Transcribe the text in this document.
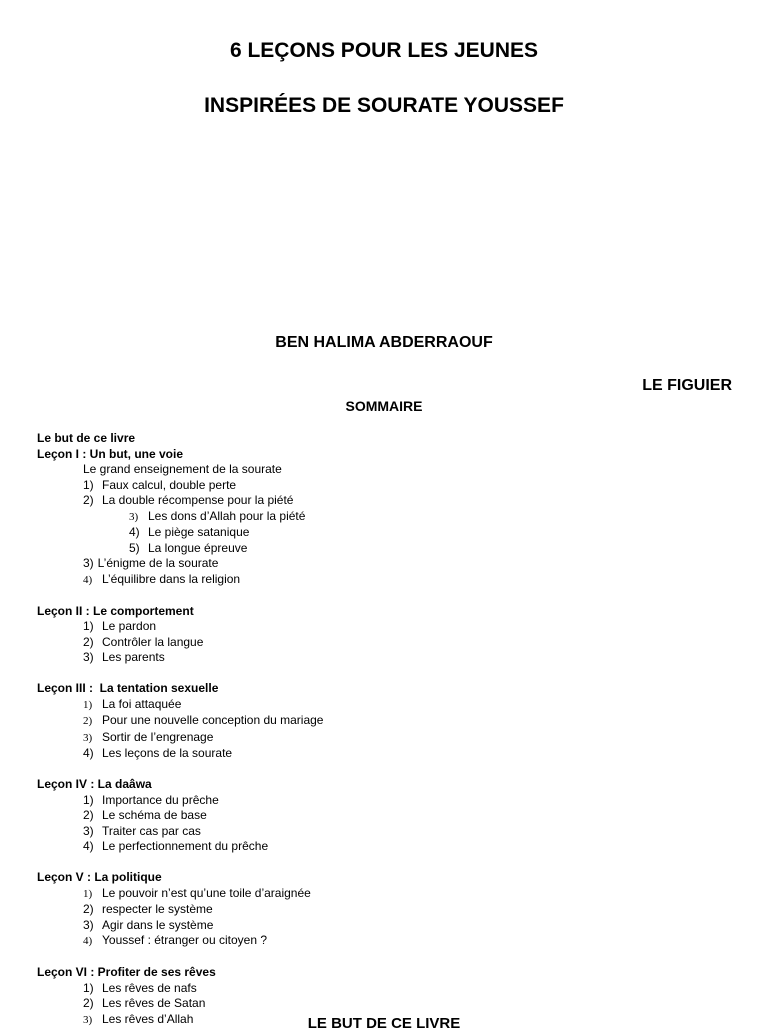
6 LEÇONS POUR LES JEUNES
INSPIRÉES DE SOURATE YOUSSEF

BEN HALIMA ABDERRAOUF

LE FIGUIER

SOMMAIRE

Le but de ce livre

Leçon I : Un but, une voie

Le grand enseignement de la sourate

1) Faux calcul, double perte

2) La double récompense pour la piété

3) Les dons d’Allah pour la piété

4) Le piège satanique

5) La longue épreuve

3) L’énigme de la sourate

4) L’équilibre dans la religion

Leçon II : Le comportement

1) Le pardon

2) Contrôler la langue

3) Les parents

Leçon III :  La tentation sexuelle

1) La foi attaquée

2) Pour une nouvelle conception du mariage

3) Sortir de l’engrenage

4) Les leçons de la sourate

Leçon IV : La daâwa

1) Importance du prêche

2) Le schéma de base

3) Traiter cas par cas

4) Le perfectionnement du prêche

Leçon V : La politique

1) Le pouvoir n’est qu’une toile d’araignée

2) respecter le système

3) Agir dans le système

4) Youssef : étranger ou citoyen ?

Leçon VI : Profiter de ses rêves

1) Les rêves de nafs

2) Les rêves de Satan

3) Les rêves d’Allah	LE BUT DE CE LIVRE
